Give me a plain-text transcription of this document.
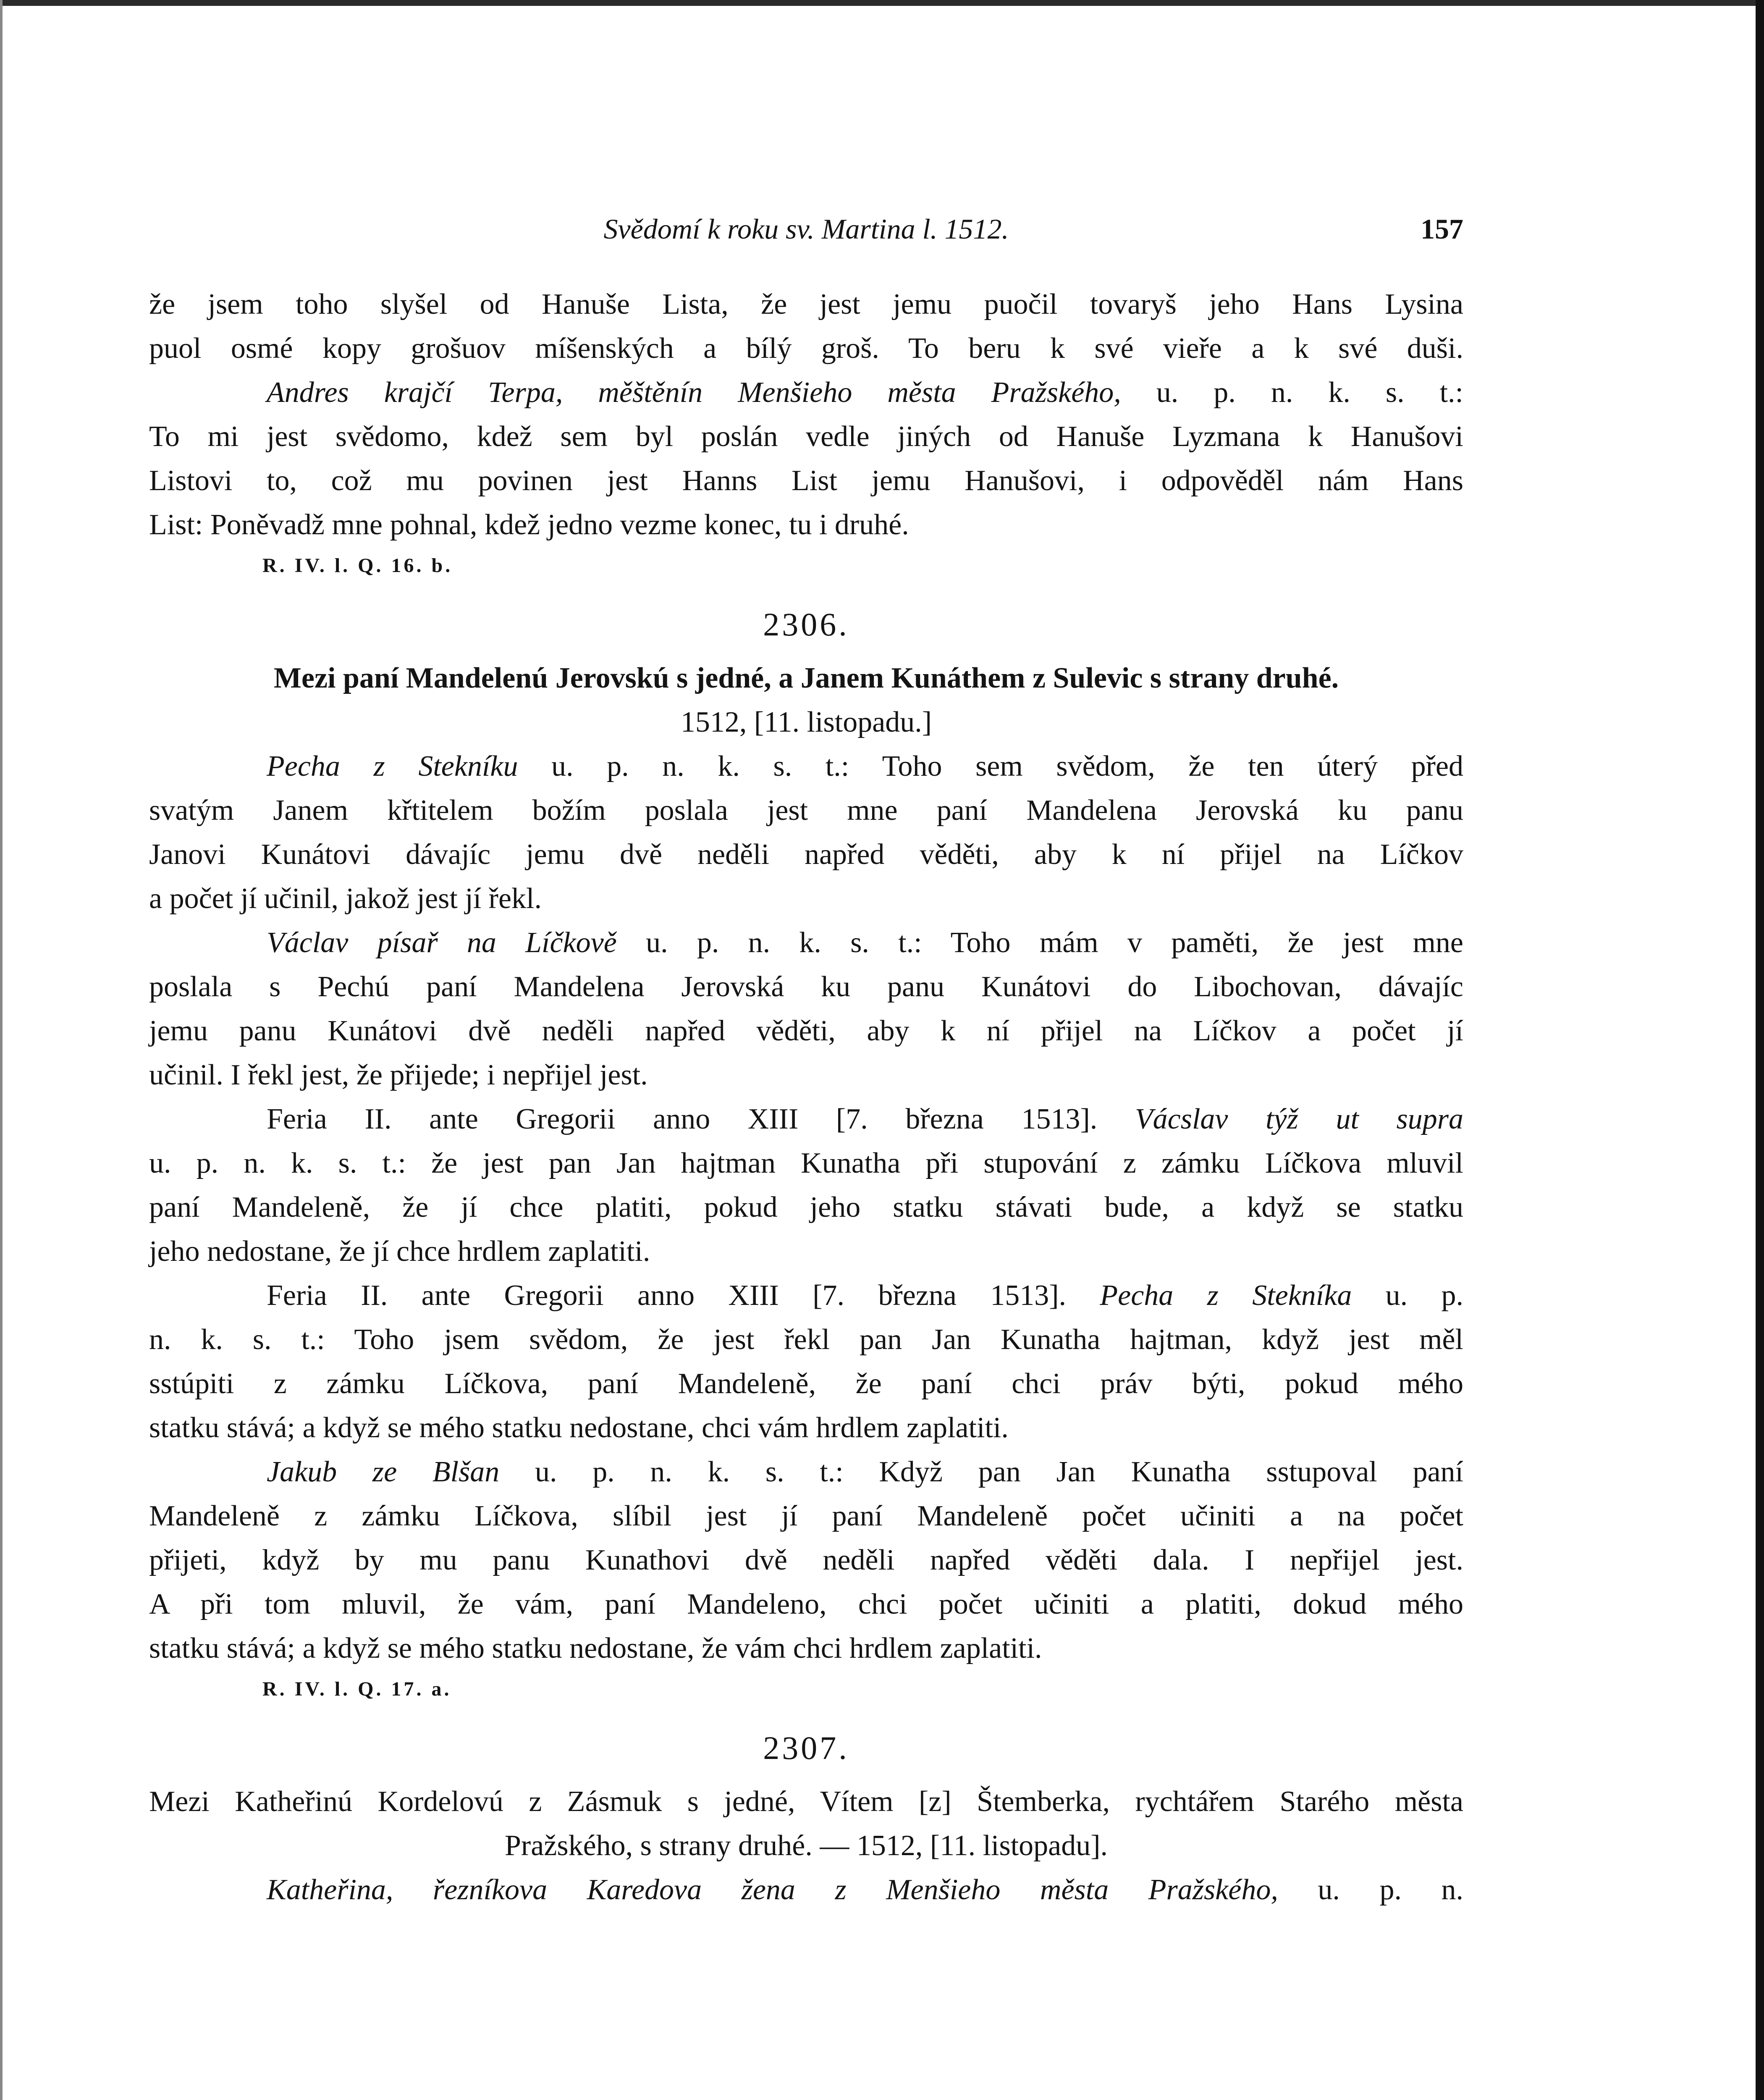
Svědomí k roku sv. Martina l. 1512.	157
že jsem toho slyšel od Hanuše Lista, že jest jemu puočil tovaryš jeho Hans Lysina
puol osmé kopy grošuov míšenských a bílý groš. To beru k své vieře a k své duši.
Andres krajčí Terpa, měštěnín Menšieho města Pražského, u. p. n. k. s. t.:
To mi jest svědomo, kdež sem byl poslán vedle jiných od Hanuše Lyzmana k Hanušovi
Listovi to, což mu povinen jest Hanns List jemu Hanušovi, i odpověděl nám Hans
List: Poněvadž mne pohnal, kdež jedno vezme konec, tu i druhé.
R. IV. l. Q. 16. b.
2306.
Mezi paní Mandelenú Jerovskú s jedné, a Janem Kunáthem z Sulevic s strany druhé.
1512, [11. listopadu.]
Pecha z Stekníku u. p. n. k. s. t.: Toho sem svědom, že ten úterý před
svatým Janem křtitelem božím poslala jest mne paní Mandelena Jerovská ku panu
Janovi Kunátovi dávajíc jemu dvě neděli napřed věděti, aby k ní přijel na Líčkov
a počet jí učinil, jakož jest jí řekl.
Václav písař na Líčkově u. p. n. k. s. t.: Toho mám v paměti, že jest mne
poslala s Pechú paní Mandelena Jerovská ku panu Kunátovi do Libochovan, dávajíc
jemu panu Kunátovi dvě neděli napřed věděti, aby k ní přijel na Líčkov a počet jí
učinil. I řekl jest, že přijede; i nepřijel jest.
Feria II. ante Gregorii anno XIII [7. března 1513]. Vácslav týž ut supra
u. p. n. k. s. t.: že jest pan Jan hajtman Kunatha při stupování z zámku Líčkova mluvil
paní Mandeleně, že jí chce platiti, pokud jeho statku stávati bude, a když se statku
jeho nedostane, že jí chce hrdlem zaplatiti.
Feria II. ante Gregorii anno XIII [7. března 1513]. Pecha z Stekníka u. p.
n. k. s. t.: Toho jsem svědom, že jest řekl pan Jan Kunatha hajtman, když jest měl
sstúpiti z zámku Líčkova, paní Mandeleně, že paní chci práv býti, pokud mého
statku stává; a když se mého statku nedostane, chci vám hrdlem zaplatiti.
Jakub ze Blšan u. p. n. k. s. t.: Když pan Jan Kunatha sstupoval paní
Mandeleně z zámku Líčkova, slíbil jest jí paní Mandeleně počet učiniti a na počet
přijeti, když by mu panu Kunathovi dvě neděli napřed věděti dala. I nepřijel jest.
A při tom mluvil, že vám, paní Mandeleno, chci počet učiniti a platiti, dokud mého
statku stává; a když se mého statku nedostane, že vám chci hrdlem zaplatiti.
R. IV. l. Q. 17. a.
2307.
Mezi Katheřinú Kordelovú z Zásmuk s jedné, Vítem [z] Štemberka, rychtářem Starého města
Pražského, s strany druhé. — 1512, [11. listopadu].
Katheřina, řezníkova Karedova žena z Menšieho města Pražského, u. p. n.
